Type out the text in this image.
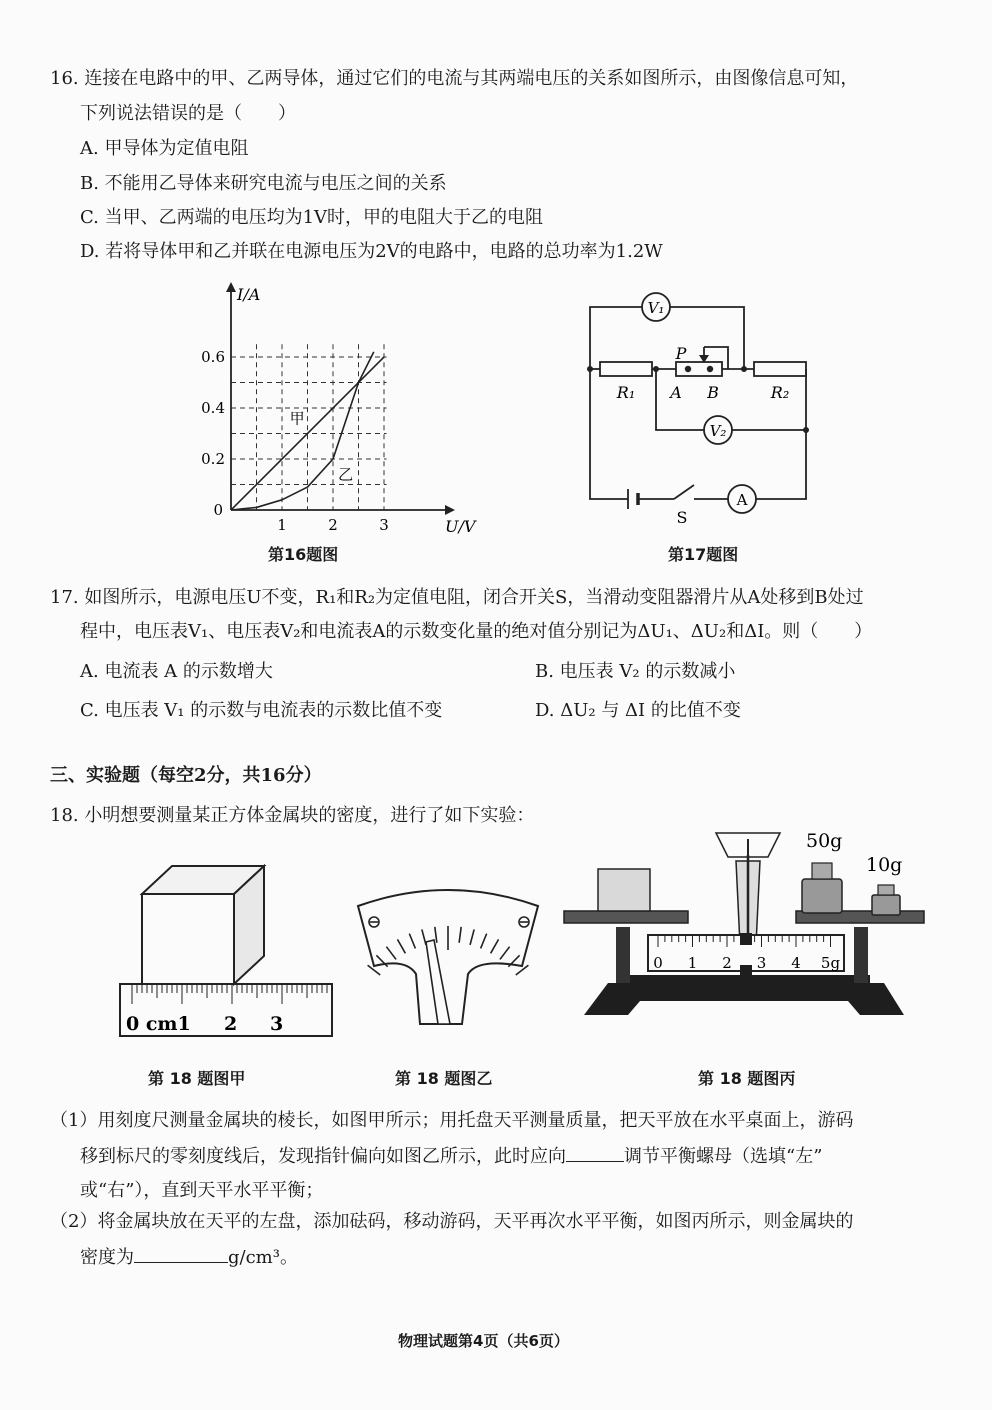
16. 连接在电路中的甲、乙两导体，通过它们的电流与其两端电压的关系如图所示，由图像信息可知，
下列说法错误的是（　　）
A. 甲导体为定值电阻
B. 不能用乙导体来研究电流与电压之间的关系
C. 当甲、乙两端的电压均为1V时，甲的电阻大于乙的电阻
D. 若将导体甲和乙并联在电源电压为2V的电路中，电路的总功率为1.2W
1	2	3
0.2
0.4
0.6
0
U/V
I/A
甲
乙
第16题图
V₁
V₂
A
R₁	R₂
P
A B
S
第17题图
17. 如图所示，电源电压U不变，R₁和R₂为定值电阻，闭合开关S，当滑动变阻器滑片从A处移到B处过
程中，电压表V₁、电压表V₂和电流表A的示数变化量的绝对值分别记为ΔU₁、ΔU₂和ΔI。则（　　）
A. 电流表 A 的示数增大	B. 电压表 V₂ 的示数减小
C. 电压表 V₁ 的示数与电流表的示数比值不变	D. ΔU₂ 与 ΔI 的比值不变
三、实验题（每空2分，共16分）
18. 小明想要测量某正方体金属块的密度，进行了如下实验：
0 cm1 2 3
第 18 题图甲	第 18 题图乙
0 1 2 3 4 5g
50g
10g
第 18 题图丙
（1）用刻度尺测量金属块的棱长，如图甲所示；用托盘天平测量质量，把天平放在水平桌面上，游码
移到标尺的零刻度线后，发现指针偏向如图乙所示，此时应向	调节平衡螺母（选填“左”
或“右”），直到天平水平平衡；
（2）将金属块放在天平的左盘，添加砝码，移动游码，天平再次水平平衡，如图丙所示，则金属块的
密度为	g/cm³。
物理试题第4页（共6页）
